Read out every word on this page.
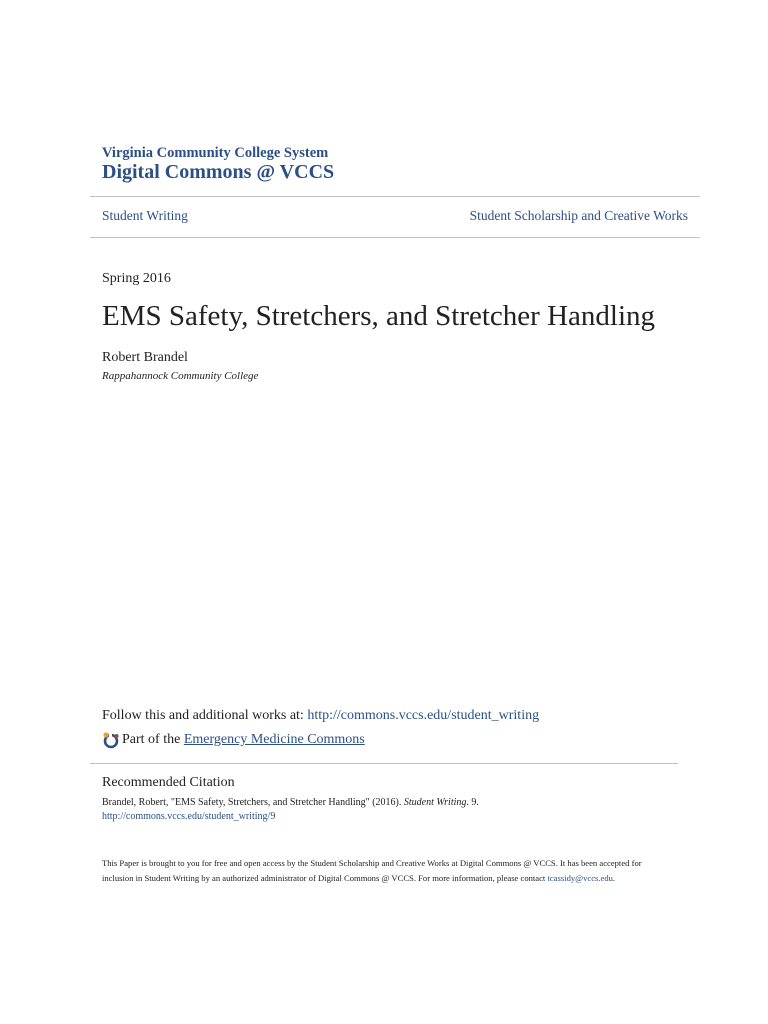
Virginia Community College System
Digital Commons @ VCCS
Student Writing	Student Scholarship and Creative Works
Spring 2016
EMS Safety, Stretchers, and Stretcher Handling
Robert Brandel
Rappahannock Community College
Follow this and additional works at: http://commons.vccs.edu/student_writing
Part of the
Emergency Medicine Commons
Recommended Citation
Brandel, Robert, "EMS Safety, Stretchers, and Stretcher Handling" (2016). Student Writing. 9.
http://commons.vccs.edu/student_writing/9
This Paper is brought to you for free and open access by the Student Scholarship and Creative Works at Digital Commons @ VCCS. It has been accepted for inclusion in Student Writing by an authorized administrator of Digital Commons @ VCCS. For more information, please contact tcassidy@vccs.edu.
